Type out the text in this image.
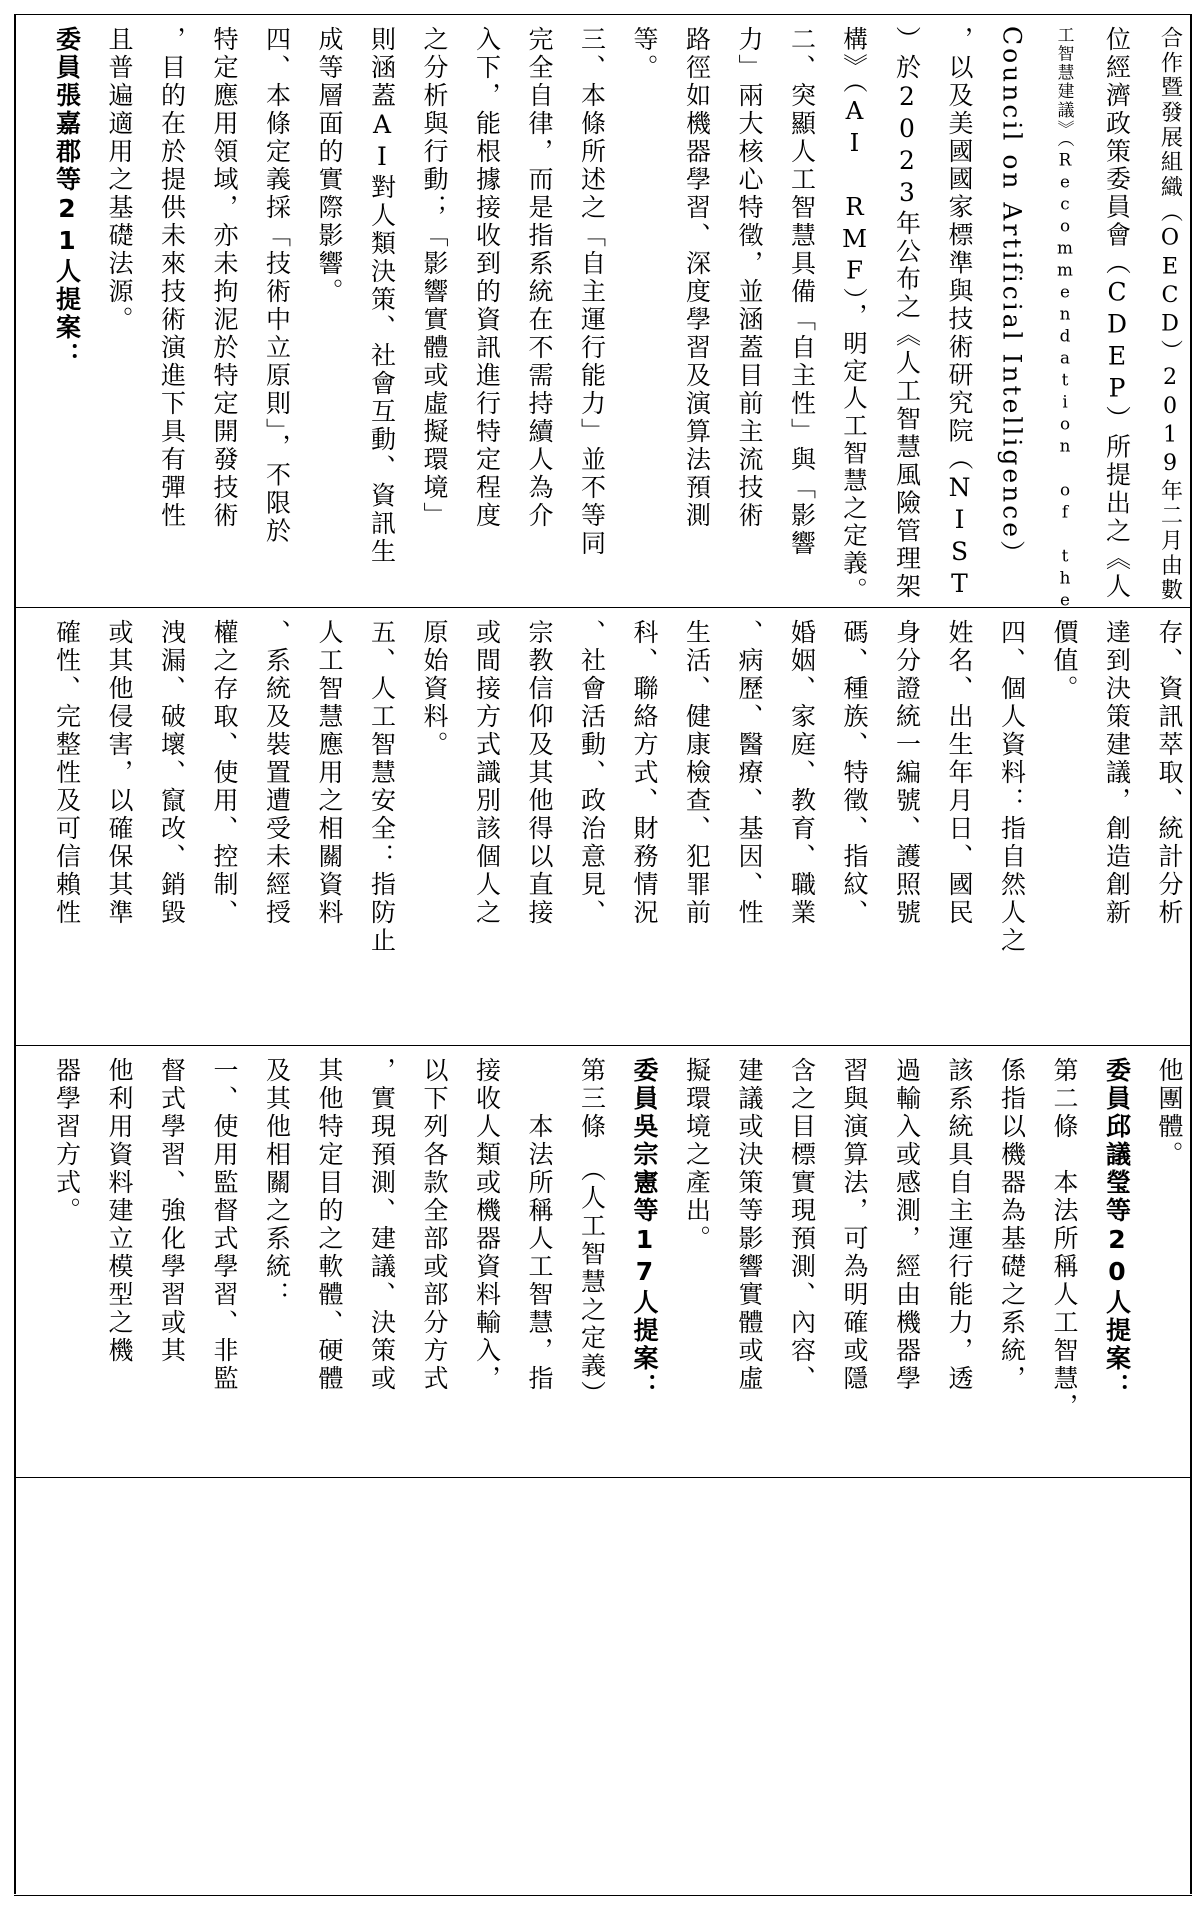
合作暨發展組織（OECD）2019年二月由數
位經濟政策委員會（CDEP）所提出之《人
工智慧建議》（Recommendation of the
Council on Artificial Intelligence）
，以及美國國家標準與技術研究院（NIST
）於2023年公布之《人工智慧風險管理架
構》（AI RMF），明定人工智慧之定義。
二、突顯人工智慧具備「自主性」與「影響
力」兩大核心特徵，並涵蓋目前主流技術
路徑如機器學習、深度學習及演算法預測
等。
三、本條所述之「自主運行能力」並不等同
完全自律，而是指系統在不需持續人為介
入下，能根據接收到的資訊進行特定程度
之分析與行動；「影響實體或虛擬環境」
則涵蓋AI對人類決策、社會互動、資訊生
成等層面的實際影響。
四、本條定義採「技術中立原則」，不限於
特定應用領域，亦未拘泥於特定開發技術
，目的在於提供未來技術演進下具有彈性
且普遍適用之基礎法源。
委員張嘉郡等21人提案：
存、資訊萃取、統計分析
達到決策建議，創造創新
價值。
四、個人資料：指自然人之
姓名、出生年月日、國民
身分證統一編號、護照號
碼、種族、特徵、指紋、
婚姻、家庭、教育、職業
、病歷、醫療、基因、性
生活、健康檢查、犯罪前
科、聯絡方式、財務情況
、社會活動、政治意見、
宗教信仰及其他得以直接
或間接方式識別該個人之
原始資料。
五、人工智慧安全：指防止
人工智慧應用之相關資料
、系統及裝置遭受未經授
權之存取、使用、控制、
洩漏、破壞、竄改、銷毀
或其他侵害，以確保其準
確性、完整性及可信賴性
他團體。
委員邱議瑩等20人提案：
第二條　本法所稱人工智慧，
係指以機器為基礎之系統，
該系統具自主運行能力，透
過輸入或感測，經由機器學
習與演算法，可為明確或隱
含之目標實現預測、內容、
建議或決策等影響實體或虛
擬環境之產出。
委員吳宗憲等17人提案：
第三條　（人工智慧之定義）
　　本法所稱人工智慧，指
接收人類或機器資料輸入，
以下列各款全部或部分方式
，實現預測、建議、決策或
其他特定目的之軟體、硬體
及其他相關之系統：
一、使用監督式學習、非監
督式學習、強化學習或其
他利用資料建立模型之機
器學習方式。
